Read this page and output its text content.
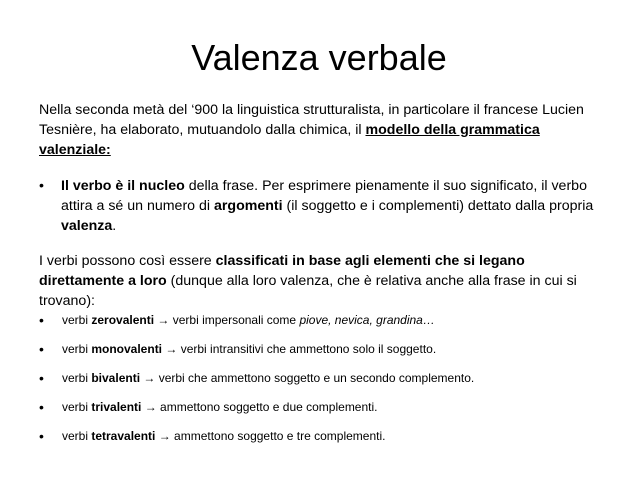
Valenza verbale
Nella seconda metà del ‘900 la linguistica strutturalista, in particolare il francese Lucien Tesnière, ha elaborato, mutuandolo dalla chimica, il modello della grammatica valenziale:
• Il verbo è il nucleo della frase. Per esprimere pienamente il suo significato, il verbo attira a sé un numero di argomenti (il soggetto e i complementi) dettato dalla propria valenza.
I verbi possono così essere classificati in base agli elementi che si legano direttamente a loro (dunque alla loro valenza, che è relativa anche alla frase in cui si trovano):
• verbi zerovalenti → verbi impersonali come piove, nevica, grandina…
• verbi monovalenti → verbi intransitivi che ammettono solo il soggetto.
• verbi bivalenti → verbi che ammettono soggetto e un secondo complemento.
• verbi trivalenti → ammettono soggetto e due complementi.
• verbi tetravalenti → ammettono soggetto e tre complementi.
